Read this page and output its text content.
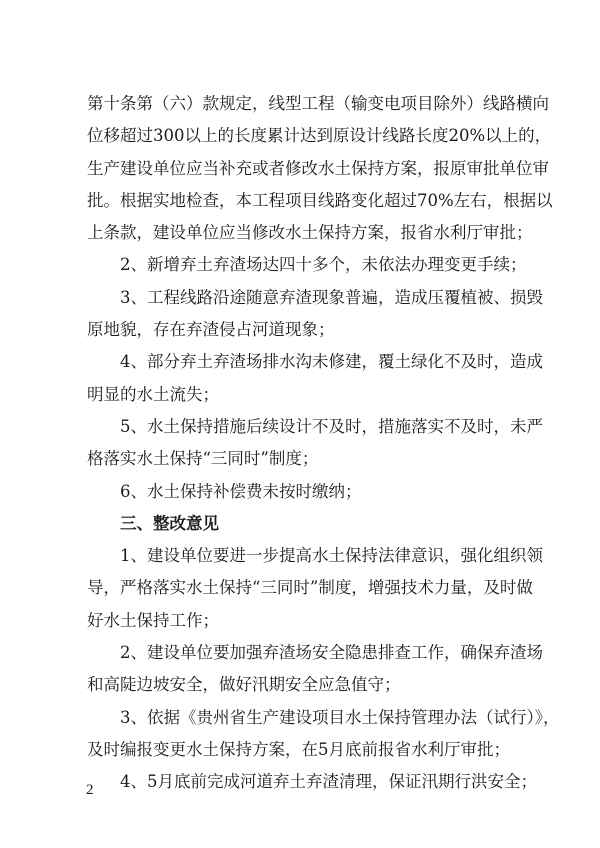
第十条第（六）款规定，线型工程（输变电项目除外）线路横向
位移超过300以上的长度累计达到原设计线路长度20%以上的，
生产建设单位应当补充或者修改水土保持方案，报原审批单位审
批。根据实地检查，本工程项目线路变化超过70%左右，根据以
上条款，建设单位应当修改水土保持方案，报省水利厅审批；
2、新增弃土弃渣场达四十多个，未依法办理变更手续；
3、工程线路沿途随意弃渣现象普遍，造成压覆植被、损毁
原地貌，存在弃渣侵占河道现象；
4、部分弃土弃渣场排水沟未修建，覆土绿化不及时，造成
明显的水土流失；
5、水土保持措施后续设计不及时，措施落实不及时，未严
格落实水土保持“三同时”制度；
6、水土保持补偿费未按时缴纳；
三、整改意见
1、建设单位要进一步提高水土保持法律意识，强化组织领
导，严格落实水土保持“三同时”制度，增强技术力量，及时做
好水土保持工作；
2、建设单位要加强弃渣场安全隐患排查工作，确保弃渣场
和高陡边坡安全，做好汛期安全应急值守；
3、依据《贵州省生产建设项目水土保持管理办法（试行）》，
及时编报变更水土保持方案，在5月底前报省水利厅审批；
4、5月底前完成河道弃土弃渣清理，保证汛期行洪安全；
2
